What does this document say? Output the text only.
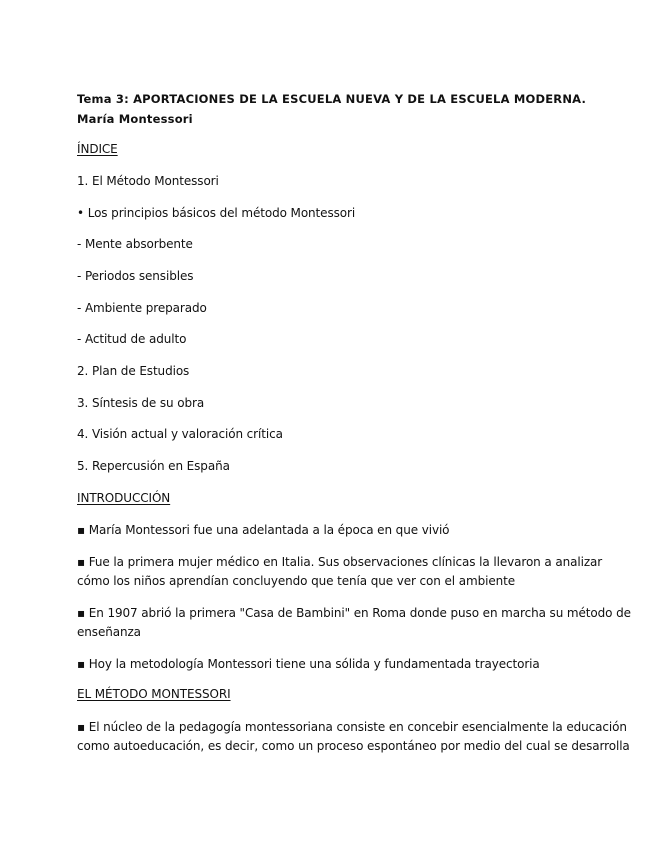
Tema 3: APORTACIONES DE LA ESCUELA NUEVA Y DE LA ESCUELA MODERNA.
María Montessori
ÍNDICE
1. El Método Montessori
• Los principios básicos del método Montessori
- Mente absorbente
- Periodos sensibles
- Ambiente preparado
- Actitud de adulto
2. Plan de Estudios
3. Síntesis de su obra
4. Visión actual y valoración crítica
5. Repercusión en España
INTRODUCCIÓN
▪ María Montessori fue una adelantada a la época en que vivió
▪ Fue la primera mujer médico en Italia. Sus observaciones clínicas la llevaron a analizar
cómo los niños aprendían concluyendo que tenía que ver con el ambiente
▪ En 1907 abrió la primera "Casa de Bambini" en Roma donde puso en marcha su método de
enseñanza
▪ Hoy la metodología Montessori tiene una sólida y fundamentada trayectoria
EL MÉTODO MONTESSORI
▪ El núcleo de la pedagogía montessoriana consiste en concebir esencialmente la educación
como autoeducación, es decir, como un proceso espontáneo por medio del cual se desarrolla
